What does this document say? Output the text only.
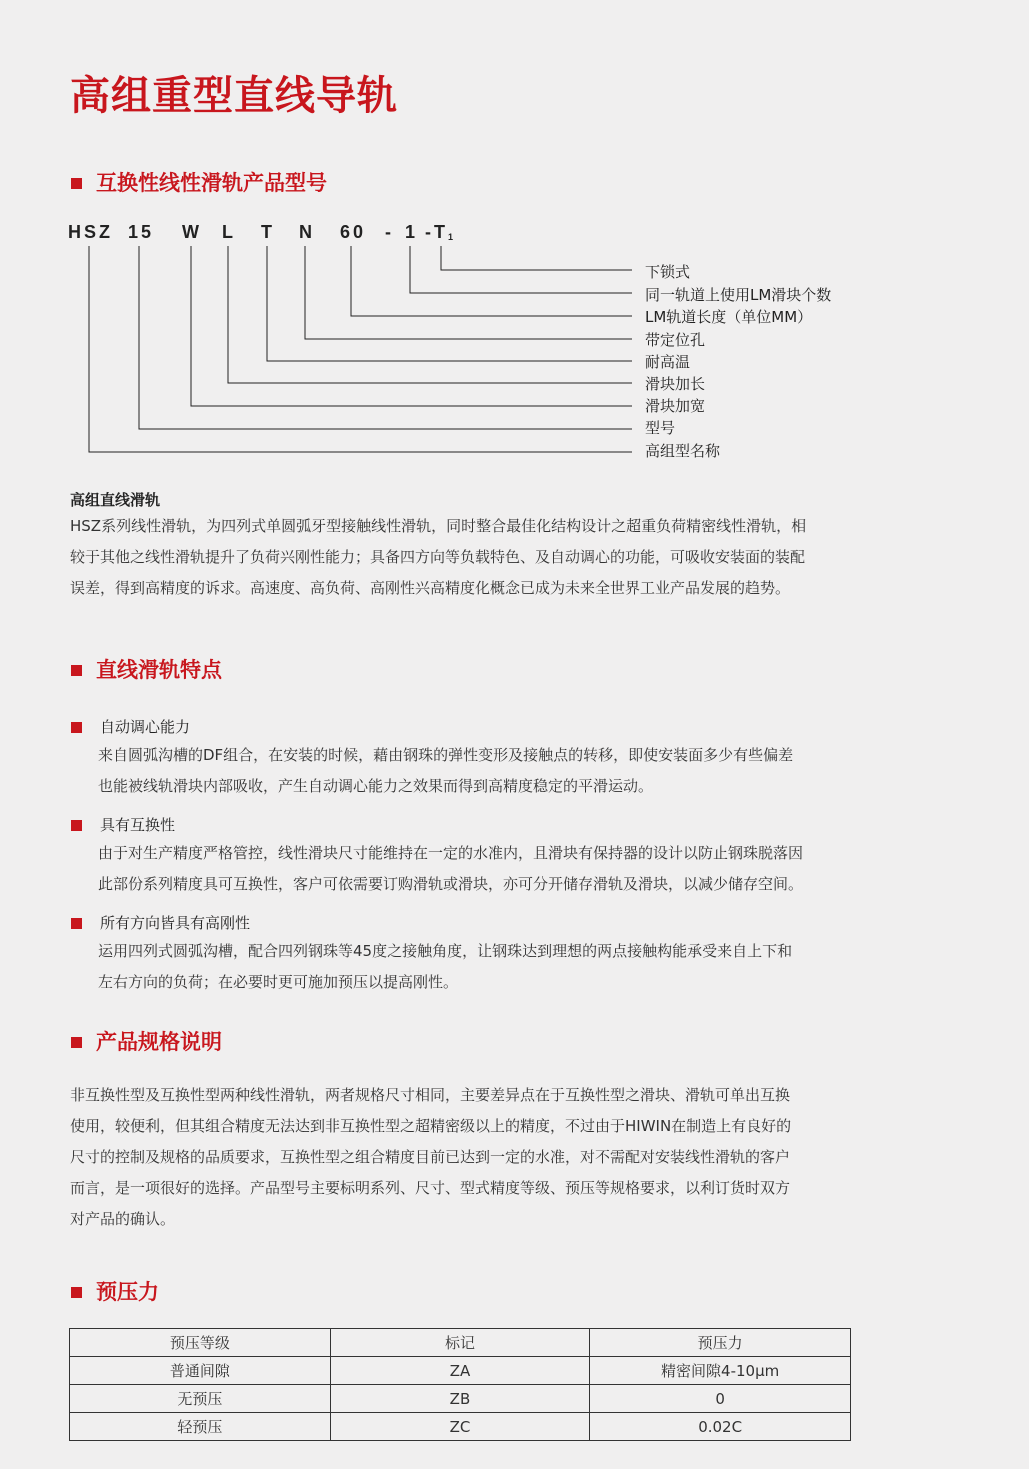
高组重型直线导轨
互换性线性滑轨产品型号
HSZ 15 W L T N 60 - 1 -T1
下锁式
同一轨道上使用LM滑块个数
LM轨道长度（单位MM）
带定位孔
耐高温
滑块加长
滑块加宽
型号
高组型名称
高组直线滑轨

HSZ系列线性滑轨，为四列式单圆弧牙型接触线性滑轨，同时整合最佳化结构设计之超重负荷精密线性滑轨，相
较于其他之线性滑轨提升了负荷兴刚性能力；具备四方向等负载特色、及自动调心的功能，可吸收安装面的装配
误差，得到高精度的诉求。高速度、高负荷、高刚性兴高精度化概念已成为未来全世界工业产品发展的趋势。

直线滑轨特点
自动调心能力

来自圆弧沟槽的DF组合，在安装的时候，藉由钢珠的弹性变形及接触点的转移，即使安装面多少有些偏差
也能被线轨滑块内部吸收，产生自动调心能力之效果而得到高精度稳定的平滑运动。

具有互换性

由于对生产精度严格管控，线性滑块尺寸能维持在一定的水准内，且滑块有保持器的设计以防止钢珠脱落因
此部份系列精度具可互换性，客户可依需要订购滑轨或滑块，亦可分开储存滑轨及滑块，以减少储存空间。

所有方向皆具有高刚性

运用四列式圆弧沟槽，配合四列钢珠等45度之接触角度，让钢珠达到理想的两点接触构能承受来自上下和
左右方向的负荷；在必要时更可施加预压以提高刚性。

产品规格说明

非互换性型及互换性型两种线性滑轨，两者规格尺寸相同，主要差异点在于互换性型之滑块、滑轨可单出互换
使用，较便利，但其组合精度无法达到非互换性型之超精密级以上的精度，不过由于HIWIN在制造上有良好的
尺寸的控制及规格的品质要求，互换性型之组合精度目前已达到一定的水准，对不需配对安装线性滑轨的客户
而言，是一项很好的选择。产品型号主要标明系列、尺寸、型式精度等级、预压等规格要求，以利订货时双方
对产品的确认。

预压力
预压等级	标记	预压力
普通间隙	ZA	精密间隙4-10μm
无预压	ZB	0
轻预压	ZC	0.02C
